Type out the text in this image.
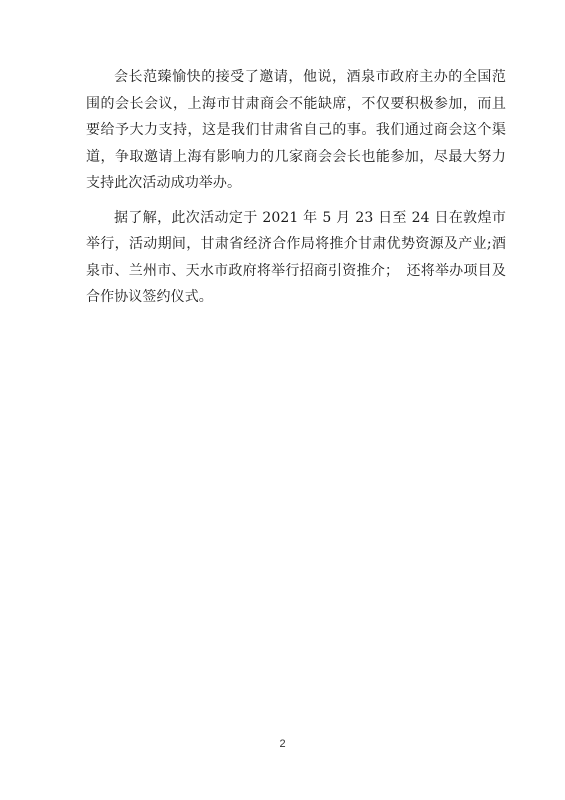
会长范臻愉快的接受了邀请，他说，酒泉市政府主办的全国范围的会长会议，上海市甘肃商会不能缺席，不仅要积极参加，而且要给予大力支持，这是我们甘肃省自己的事。我们通过商会这个渠道，争取邀请上海有影响力的几家商会会长也能参加，尽最大努力支持此次活动成功举办。

据了解，此次活动定于 2021 年 5 月 23 日至 24 日在敦煌市举行，活动期间，甘肃省经济合作局将推介甘肃优势资源及产业;酒泉市、兰州市、天水市政府将举行招商引资推介；　还将举办项目及合作协议签约仪式。

2
